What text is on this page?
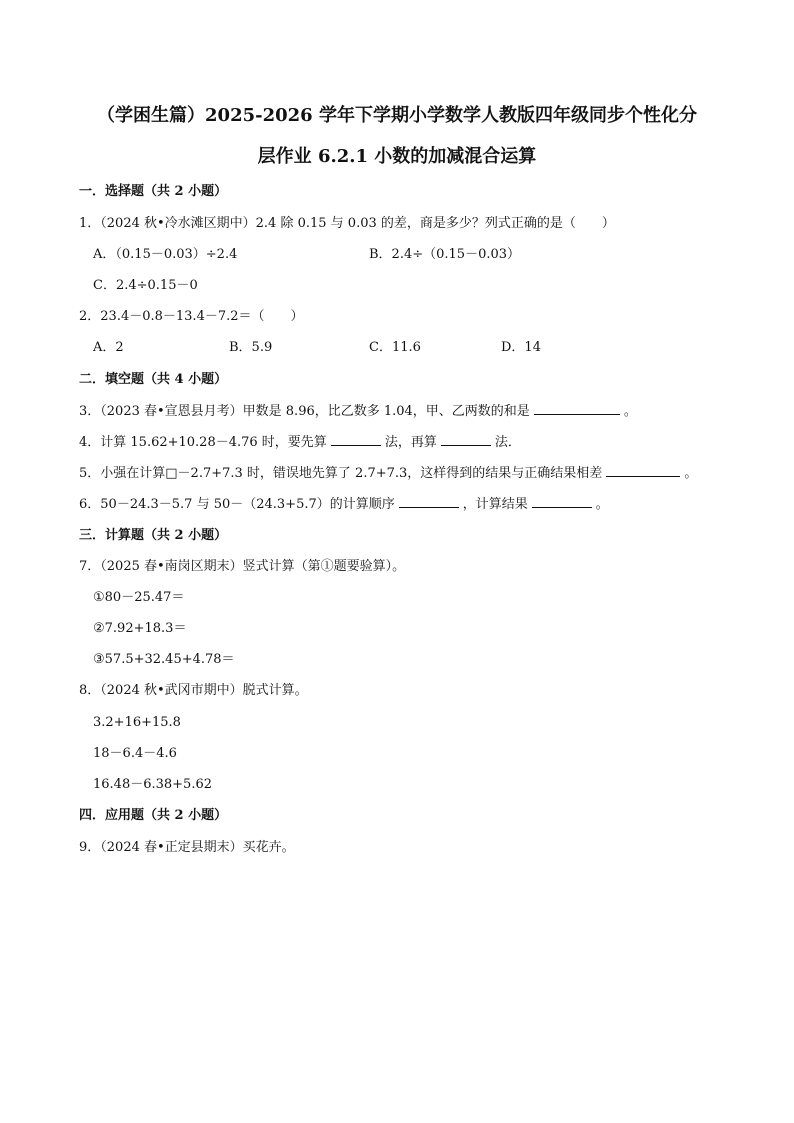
（学困生篇）2025-2026 学年下学期小学数学人教版四年级同步个性化分

层作业 6.2.1 小数的加减混合运算

一．选择题（共 2 小题）

1．（2024 秋•冷水滩区期中）2.4 除 0.15 与 0.03 的差，商是多少？列式正确的是（　　）

A．（0.15－0.03）÷2.4	B．2.4÷（0.15－0.03）

C．2.4÷0.15－0

2．23.4－0.8－13.4－7.2＝（　　）

A．2	B．5.9	C．11.6	D．14

二．填空题（共 4 小题）

3．（2023 春•宣恩县月考）甲数是 8.96，比乙数多 1.04，甲、乙两数的和是	。

4．计算 15.62+10.28－4.76 时，要先算	法，再算	法．

5．小强在计算□－2.7+7.3 时，错误地先算了 2.7+7.3，这样得到的结果与正确结果相差	。

6．50－24.3－5.7 与 50－（24.3+5.7）的计算顺序	，计算结果	。

三．计算题（共 2 小题）

7．（2025 春•南岗区期末）竖式计算（第①题要验算）。

①80－25.47＝

②7.92+18.3＝

③57.5+32.45+4.78＝

8．（2024 秋•武冈市期中）脱式计算。

3.2+16+15.8

18－6.4－4.6

16.48－6.38+5.62

四．应用题（共 2 小题）

9．（2024 春•正定县期末）买花卉。
